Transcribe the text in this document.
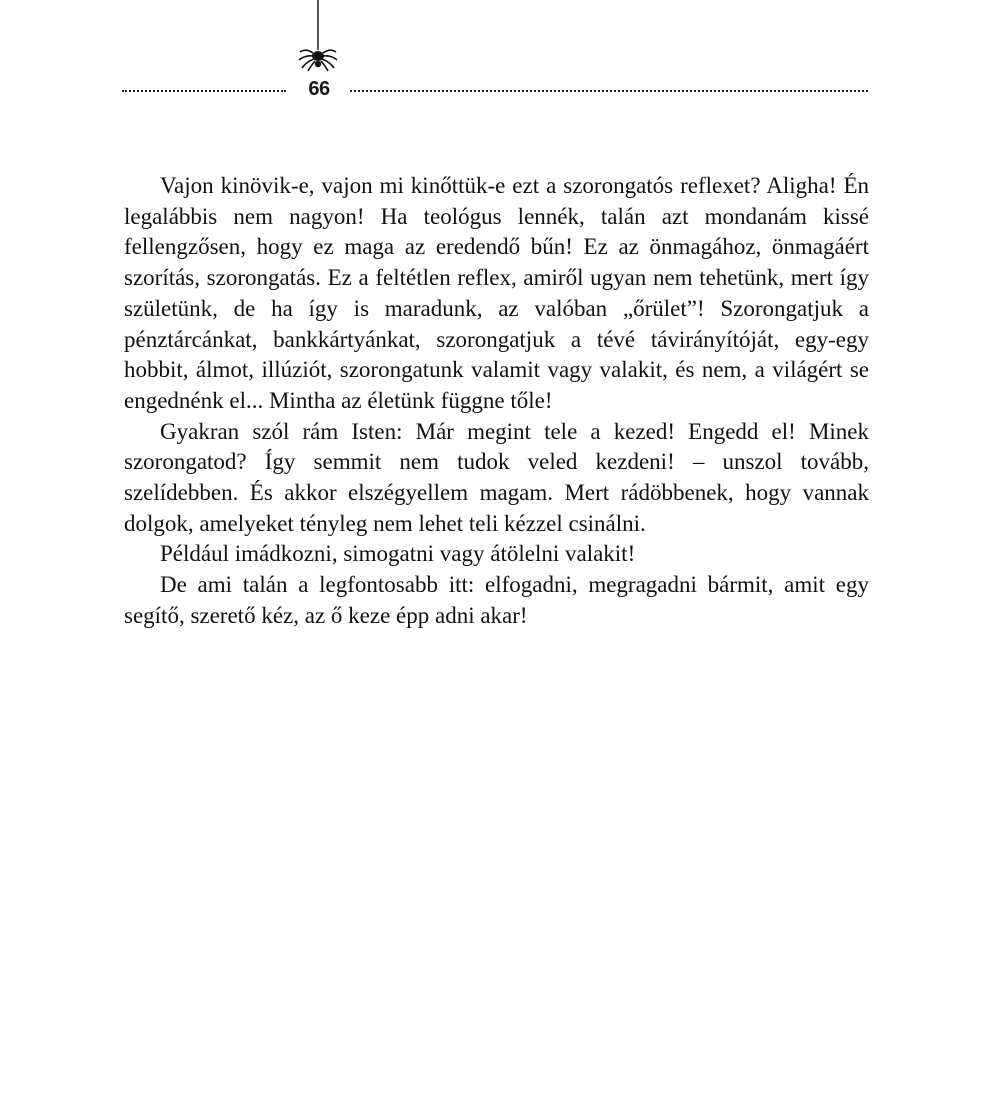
66

Vajon kinövik-e, vajon mi kinőttük-e ezt a szorongatós reflexet? Aligha! Én legalábbis nem nagyon! Ha teológus lennék, talán azt mondanám kissé fellengzősen, hogy ez maga az eredendő bűn! Ez az önmagához, önmagáért szorítás, szorongatás. Ez a feltétlen reflex, amiről ugyan nem tehetünk, mert így születünk, de ha így is maradunk, az valóban „őrület”! Szorongatjuk a pénztárcánkat, bankkártyánkat, szorongatjuk a tévé távirányítóját, egy-egy hobbit, álmot, illúziót, szorongatunk valamit vagy valakit, és nem, a világért se engednénk el... Mintha az életünk függne tőle!

Gyakran szól rám Isten: Már megint tele a kezed! Engedd el! Minek szorongatod? Így semmit nem tudok veled kezdeni! – unszol tovább, szelídebben. És akkor elszégyellem magam. Mert rádöbbenek, hogy vannak dolgok, amelyeket tényleg nem lehet teli kézzel csinálni.

Például imádkozni, simogatni vagy átölelni valakit!

De ami talán a legfontosabb itt: elfogadni, megragadni bármit, amit egy segítő, szerető kéz, az ő keze épp adni akar!
